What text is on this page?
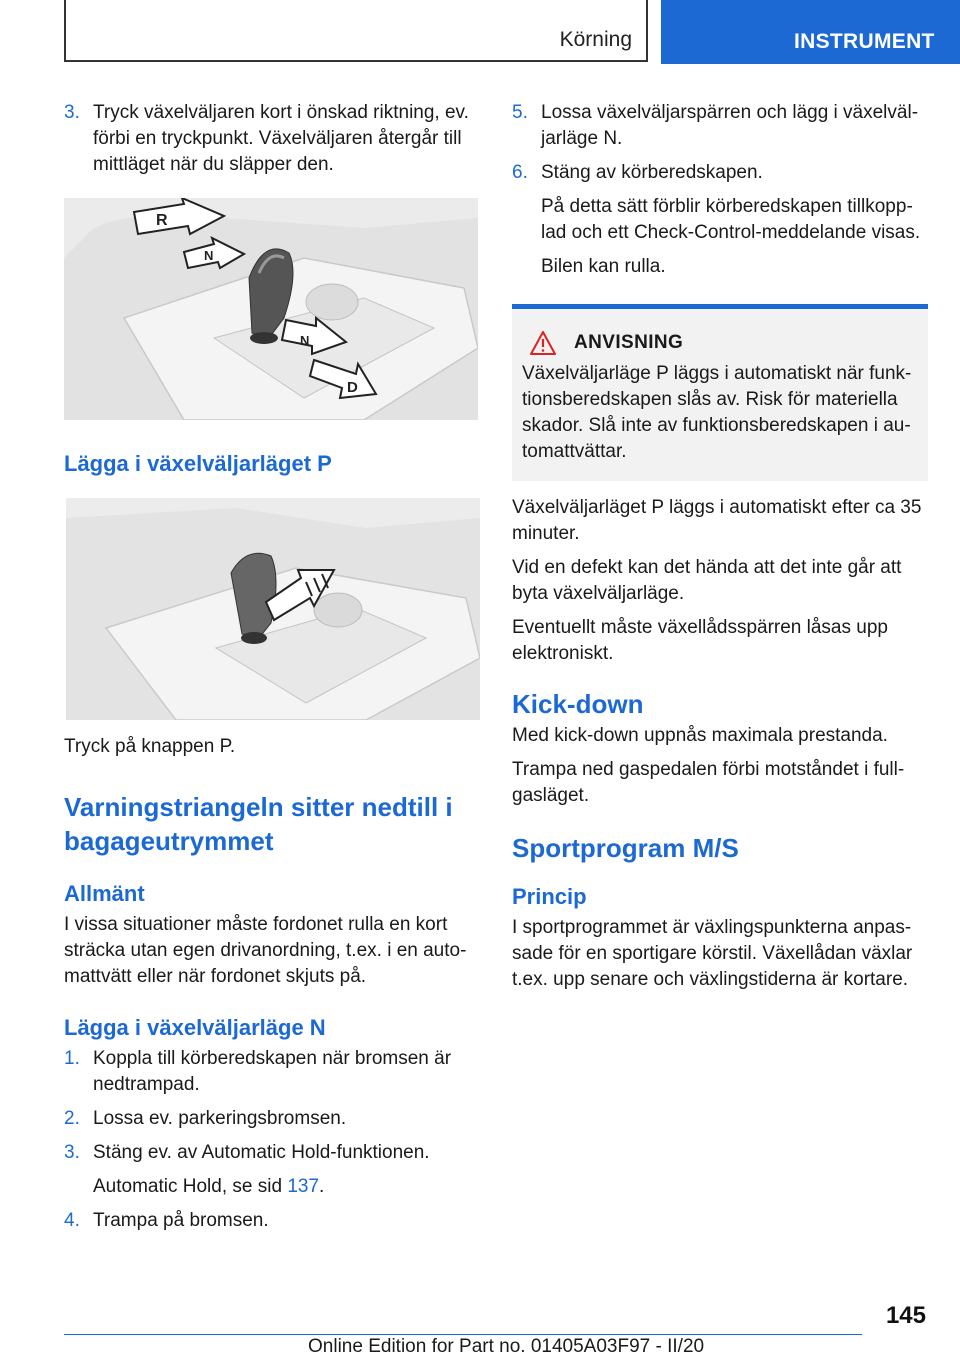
Körning	INSTRUMENT
3. Tryck växelväljaren kort i önskad riktning, ev. förbi en tryckpunkt. Växelväljaren återgår till mittläget när du släpper den.
R
N
N
D
Lägga i växelväljarläget P
Tryck på knappen P.
Varningstriangeln sitter nedtill i bagageutrymmet
Allmänt
I vissa situationer måste fordonet rulla en kort sträcka utan egen drivanordning, t.ex. i en automattvätt eller när fordonet skjuts på.
Lägga i växelväljarläge N
1. Koppla till körberedskapen när bromsen är nedtrampad.
2. Lossa ev. parkeringsbromsen.
3. Stäng ev. av Automatic Hold-funktionen.
Automatic Hold, se sid 137.
4. Trampa på bromsen.
5. Lossa växelväljarspärren och lägg i växelväljarläge N.
6. Stäng av körberedskapen.
På detta sätt förblir körberedskapen tillkopplad och ett Check-Control-meddelande visas.
Bilen kan rulla.
ANVISNING
Växelväljarläge P läggs i automatiskt när funktionsberedskapen slås av. Risk för materiella skador. Slå inte av funktionsberedskapen i automattvättar.
Växelväljarläget P läggs i automatiskt efter ca 35 minuter.
Vid en defekt kan det hända att det inte går att byta växelväljarläge.
Eventuellt måste växellådsspärren låsas upp elektroniskt.
Kick-down
Med kick-down uppnås maximala prestanda.
Trampa ned gaspedalen förbi motståndet i fullgasläget.
Sportprogram M/S
Princip
I sportprogrammet är växlingspunkterna anpassade för en sportigare körstil. Växellådan växlar t.ex. upp senare och växlingstiderna är kortare.
145
Online Edition for Part no. 01405A03F97 - II/20
